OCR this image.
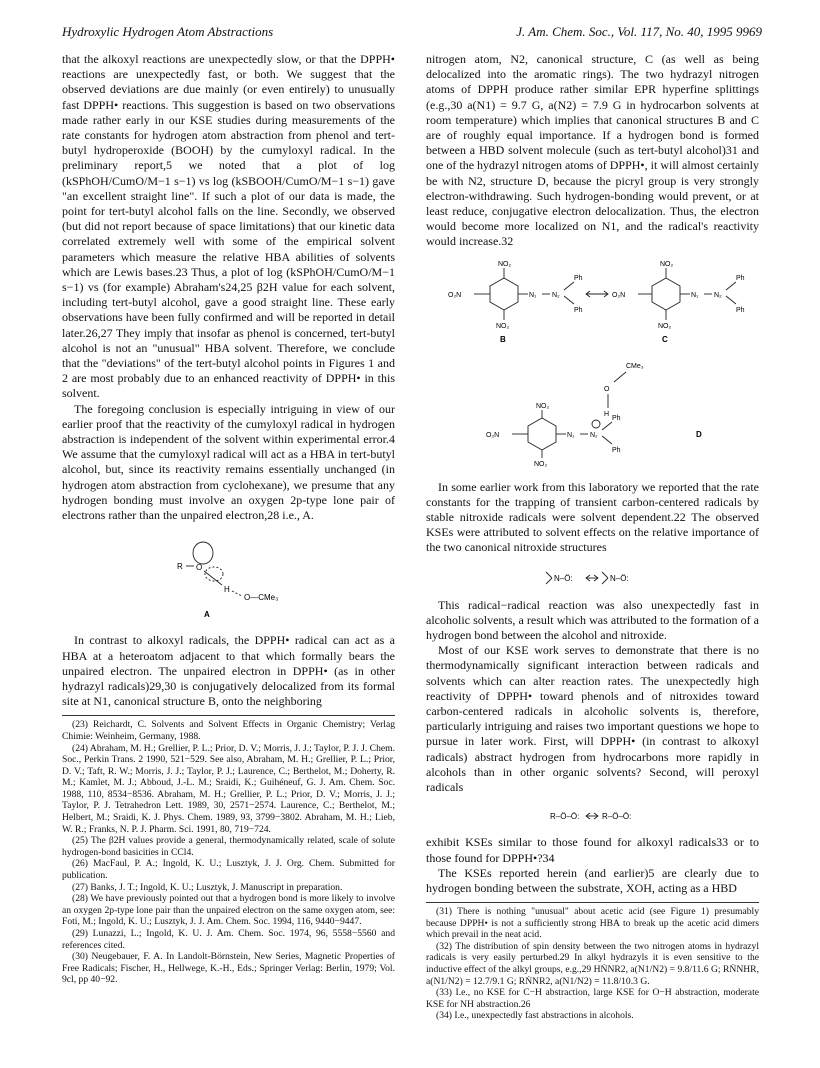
Hydroxylic Hydrogen Atom Abstractions	J. Am. Chem. Soc., Vol. 117, No. 40, 1995 9969

that the alkoxyl reactions are unexpectedly slow, or that the DPPH• reactions are unexpectedly fast, or both. We suggest that the observed deviations are due mainly (or even entirely) to unusually fast DPPH• reactions. This suggestion is based on two observations made rather early in our KSE studies during measurements of the rate constants for hydrogen atom abstraction from phenol and tert-butyl hydroperoxide (BOOH) by the cumyloxyl radical. In the preliminary report,5 we noted that a plot of log (kSPhOH/CumO/M−1 s−1) vs log (kSBOOH/CumO/M−1 s−1) gave "an excellent straight line". If such a plot of our data is made, the point for tert-butyl alcohol falls on the line. Secondly, we observed (but did not report because of space limitations) that our kinetic data correlated extremely well with some of the empirical solvent parameters which measure the relative HBA abilities of solvents which are Lewis bases.23 Thus, a plot of log (kSPhOH/CumO/M−1 s−1) vs (for example) Abraham's24,25 β2H value for each solvent, including tert-butyl alcohol, gave a good straight line. These early observations have been fully confirmed and will be reported in detail later.26,27 They imply that insofar as phenol is concerned, tert-butyl alcohol is not an "unusual" HBA solvent. Therefore, we conclude that the "deviations" of the tert-butyl alcohol points in Figures 1 and 2 are most probably due to an enhanced reactivity of DPPH• in this solvent.

The foregoing conclusion is especially intriguing in view of our earlier proof that the reactivity of the cumyloxyl radical in hydrogen abstraction is independent of the solvent within experimental error.4 We assume that the cumyloxyl radical will act as a HBA in tert-butyl alcohol, but, since its reactivity remains essentially unchanged (in hydrogen atom abstraction from cyclohexane), we presume that any hydrogen bonding must involve an oxygen 2p-type lone pair of electrons rather than the unpaired electron,28 i.e., A.

R O
H
O—CMe₃
A

In contrast to alkoxyl radicals, the DPPH• radical can act as a HBA at a heteroatom adjacent to that which formally bears the unpaired electron. The unpaired electron in DPPH• (as in other hydrazyl radicals)29,30 is conjugatively delocalized from its formal site at N1, canonical structure B, onto the neighboring

(23) Reichardt, C. Solvents and Solvent Effects in Organic Chemistry; Verlag Chimie: Weinheim, Germany, 1988.

(24) Abraham, M. H.; Grellier, P. L.; Prior, D. V.; Morris, J. J.; Taylor, P. J. J. Chem. Soc., Perkin Trans. 2 1990, 521−529. See also, Abraham, M. H.; Grellier, P. L.; Prior, D. V.; Taft, R. W.; Morris, J. J.; Taylor, P. J.; Laurence, C.; Berthelot, M.; Doherty, R. M.; Kamlet, M. J.; Abboud, J.-L. M.; Sraidi, K.; Guihéneuf, G. J. Am. Chem. Soc. 1988, 110, 8534−8536. Abraham, M. H.; Grellier, P. L.; Prior, D. V.; Morris, J. J.; Taylor, P. J. Tetrahedron Lett. 1989, 30, 2571−2574. Laurence, C.; Berthelot, M.; Helbert, M.; Sraidi, K. J. Phys. Chem. 1989, 93, 3799−3802. Abraham, M. H.; Lieb, W. R.; Franks, N. P. J. Pharm. Sci. 1991, 80, 719−724.

(25) The β2H values provide a general, thermodynamically related, scale of solute hydrogen-bond basicities in CCl4.

(26) MacFaul, P. A.; Ingold, K. U.; Lusztyk, J. J. Org. Chem. Submitted for publication.

(27) Banks, J. T.; Ingold, K. U.; Lusztyk, J. Manuscript in preparation.

(28) We have previously pointed out that a hydrogen bond is more likely to involve an oxygen 2p-type lone pair than the unpaired electron on the same oxygen atom, see: Foti, M.; Ingold, K. U.; Lusztyk, J. J. Am. Chem. Soc. 1994, 116, 9440−9447.

(29) Lunazzi, L.; Ingold, K. U. J. Am. Chem. Soc. 1974, 96, 5558−5560 and references cited.

(30) Neugebauer, F. A. In Landolt-Börnstein, New Series, Magnetic Properties of Free Radicals; Fischer, H., Hellwege, K.-H., Eds.; Springer Verlag: Berlin, 1979; Vol. 9cl, pp 40−92.

nitrogen atom, N2, canonical structure, C (as well as being delocalized into the aromatic rings). The two hydrazyl nitrogen atoms of DPPH produce rather similar EPR hyperfine splittings (e.g.,30 a(N1) = 9.7 G, a(N2) = 7.9 G in hydrocarbon solvents at room temperature) which implies that canonical structures B and C are of roughly equal importance. If a hydrogen bond is formed between a HBD solvent molecule (such as tert-butyl alcohol)31 and one of the hydrazyl nitrogen atoms of DPPH•, it will almost certainly be with N2, structure D, because the picryl group is very strongly electron-withdrawing. Such hydrogen-bonding would prevent, or at least reduce, conjugative electron delocalization. Thus, the electron would become more localized on N1, and the radical's reactivity would increase.32

NO₂
NO₂
O₂N	N₁ N₂
Ph
Ph
B
NO₂
NO₂
O₂N	N₁ N₂
Ph
Ph
C
CMe₃
O
H
NO₂
NO₂
O₂N	N₁ N₂
Ph
Ph
D

In some earlier work from this laboratory we reported that the rate constants for the trapping of transient carbon-centered radicals by stable nitroxide radicals were solvent dependent.22 The observed KSEs were attributed to solvent effects on the relative importance of the two canonical nitroxide structures

N–Ö:	N–Ö:

This radical−radical reaction was also unexpectedly fast in alcoholic solvents, a result which was attributed to the formation of a hydrogen bond between the alcohol and nitroxide.

Most of our KSE work serves to demonstrate that there is no thermodynamically significant interaction between radicals and solvents which can alter reaction rates. The unexpectedly high reactivity of DPPH• toward phenols and of nitroxides toward carbon-centered radicals in alcoholic solvents is, therefore, particularly intriguing and raises two important questions we hope to pursue in later work. First, will DPPH• (in contrast to alkoxyl radicals) abstract hydrogen from hydrocarbons more rapidly in alcohols than in other organic solvents? Second, will peroxyl radicals

R–Ö–Ö:	R–Ö–Ö:

exhibit KSEs similar to those found for alkoxyl radicals33 or to those found for DPPH•?34

The KSEs reported herein (and earlier)5 are clearly due to hydrogen bonding between the substrate, XOH, acting as a HBD

(31) There is nothing "unusual" about acetic acid (see Figure 1) presumably because DPPH• is not a sufficiently strong HBA to break up the acetic acid dimers which prevail in the neat acid.

(32) The distribution of spin density between the two nitrogen atoms in hydrazyl radicals is very easily perturbed.29 In alkyl hydrazyls it is even sensitive to the inductive effect of the alkyl groups, e.g.,29 HṄNR2, a(N1/N2) = 9.8/11.6 G; RṄNHR, a(N1/N2) = 12.7/9.1 G; RṄNR2, a(N1/N2) = 11.8/10.3 G.

(33) I.e., no KSE for C−H abstraction, large KSE for O−H abstraction, moderate KSE for NH abstraction.26

(34) I.e., unexpectedly fast abstractions in alcohols.
